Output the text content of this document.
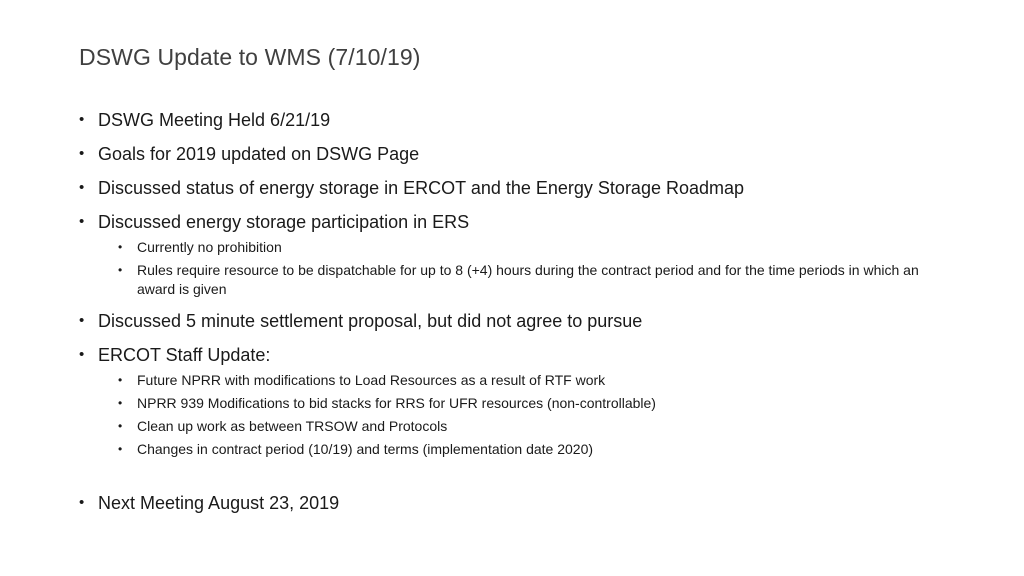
DSWG Update to WMS (7/10/19)
• DSWG Meeting Held 6/21/19
• Goals for 2019 updated on DSWG Page
• Discussed status of energy storage in ERCOT and the Energy Storage Roadmap
• Discussed energy storage participation in ERS
• Currently no prohibition
• Rules require resource to be dispatchable for up to 8 (+4) hours during the contract period and for the time periods in which an award is given
• Discussed 5 minute settlement proposal, but did not agree to pursue
• ERCOT Staff Update:
• Future NPRR with modifications to Load Resources as a result of RTF work
• NPRR 939 Modifications to bid stacks for RRS for UFR resources (non-controllable)
• Clean up work as between TRSOW and Protocols
• Changes in contract period (10/19) and terms (implementation date 2020)
• Next Meeting August 23, 2019
